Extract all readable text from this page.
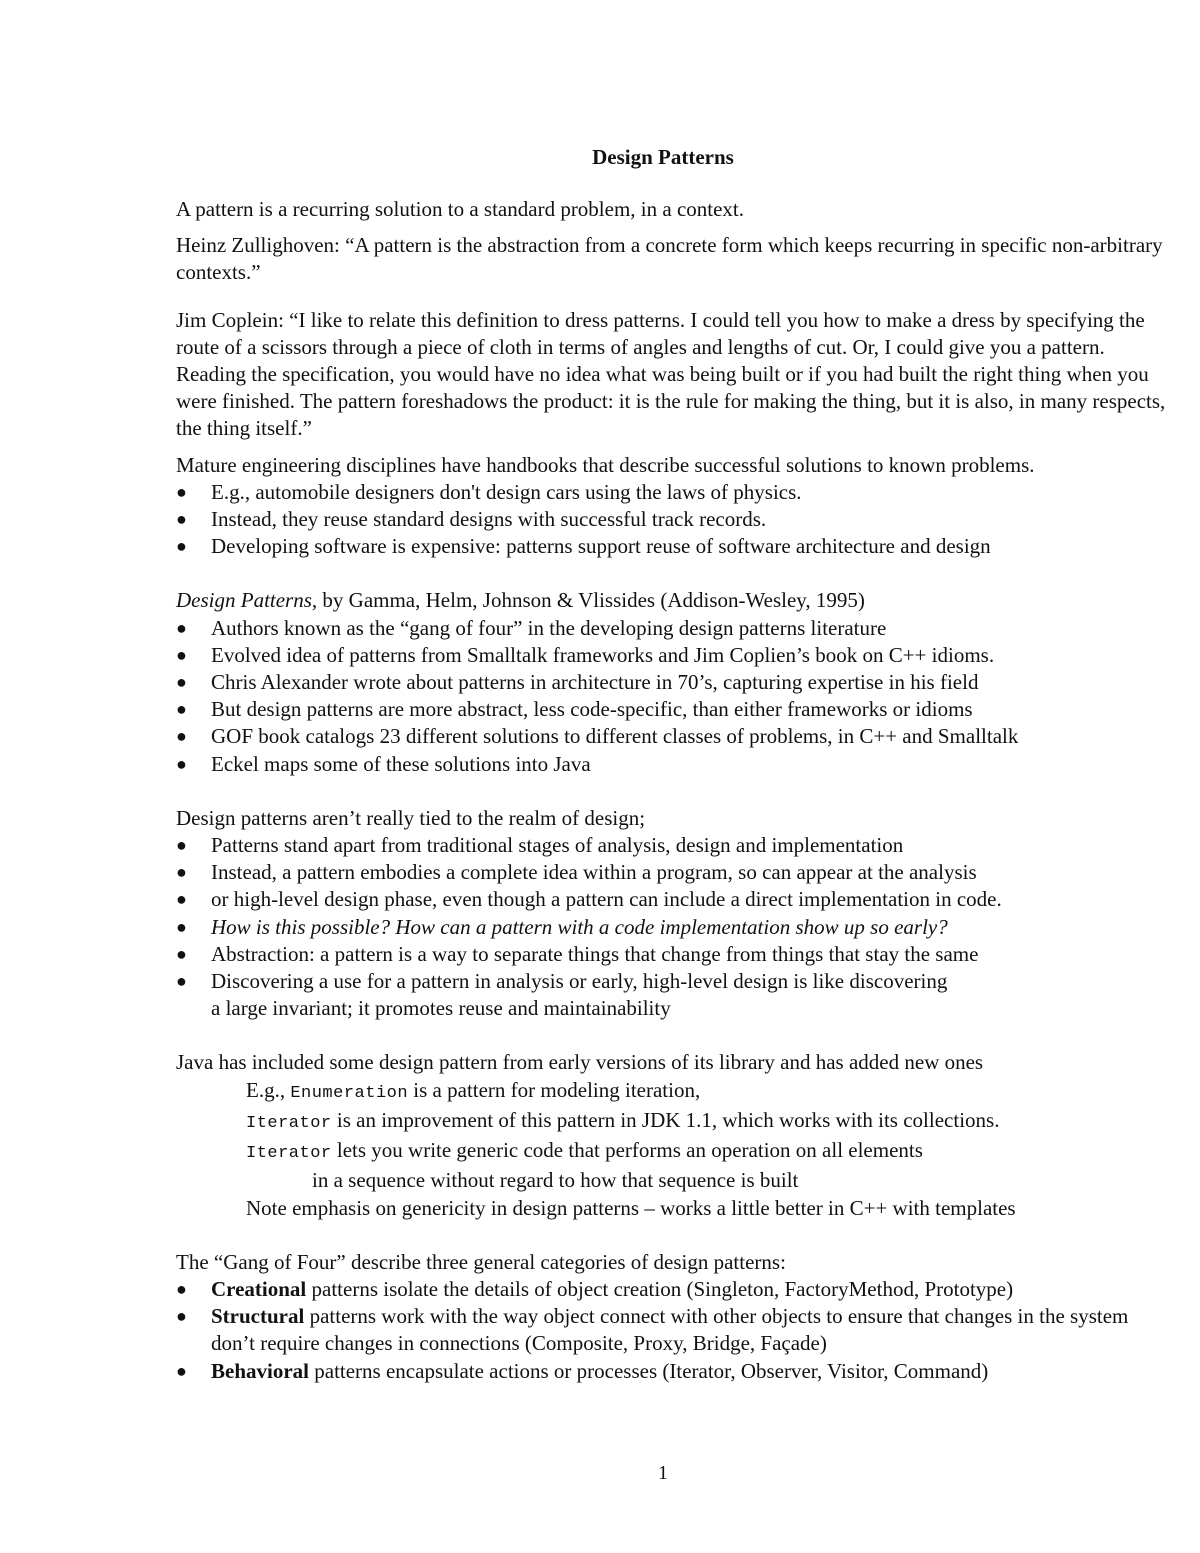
Design Patterns

A pattern is a recurring solution to a standard problem, in a context.

Heinz Zullighoven: “A pattern is the abstraction from a concrete form which keeps recurring in specific non-arbitrary contexts.”

Jim Coplein: “I like to relate this definition to dress patterns. I could tell you how to make a dress by specifying the route of a scissors through a piece of cloth in terms of angles and lengths of cut. Or, I could give you a pattern. Reading the specification, you would have no idea what was being built or if you had built the right thing when you were finished. The pattern foreshadows the product: it is the rule for making the thing, but it is also, in many respects, the thing itself.”

Mature engineering disciplines have handbooks that describe successful solutions to known problems.

● E.g., automobile designers don't design cars using the laws of physics.
● Instead, they reuse standard designs with successful track records.
● Developing software is expensive: patterns support reuse of software architecture and design

Design Patterns, by Gamma, Helm, Johnson & Vlissides (Addison-Wesley, 1995)

● Authors known as the “gang of four” in the developing design patterns literature
● Evolved idea of patterns from Smalltalk frameworks and Jim Coplien’s book on C++ idioms.
● Chris Alexander wrote about patterns in architecture in 70’s, capturing expertise in his field
● But design patterns are more abstract, less code-specific, than either frameworks or idioms
● GOF book catalogs 23 different solutions to different classes of problems, in C++ and Smalltalk
● Eckel maps some of these solutions into Java

Design patterns aren’t really tied to the realm of design;

● Patterns stand apart from traditional stages of analysis, design and implementation
● Instead, a pattern embodies a complete idea within a program, so can appear at the analysis
● or high-level design phase, even though a pattern can include a direct implementation in code.
● How is this possible? How can a pattern with a code implementation show up so early?
● Abstraction: a pattern is a way to separate things that change from things that stay the same
● Discovering a use for a pattern in analysis or early, high-level design is like discovering

a large invariant; it promotes reuse and maintainability

Java has included some design pattern from early versions of its library and has added new ones

E.g., Enumeration is a pattern for modeling iteration,

Iterator is an improvement of this pattern in JDK 1.1, which works with its collections.

Iterator lets you write generic code that performs an operation on all elements

in a sequence without regard to how that sequence is built

Note emphasis on genericity in design patterns – works a little better in C++ with templates

The “Gang of Four” describe three general categories of design patterns:

● Creational patterns isolate the details of object creation (Singleton, FactoryMethod, Prototype)
● Structural patterns work with the way object connect with other objects to ensure that changes in the system don’t require changes in connections (Composite, Proxy, Bridge, Façade)
● Behavioral patterns encapsulate actions or processes (Iterator, Observer, Visitor, Command)
1
